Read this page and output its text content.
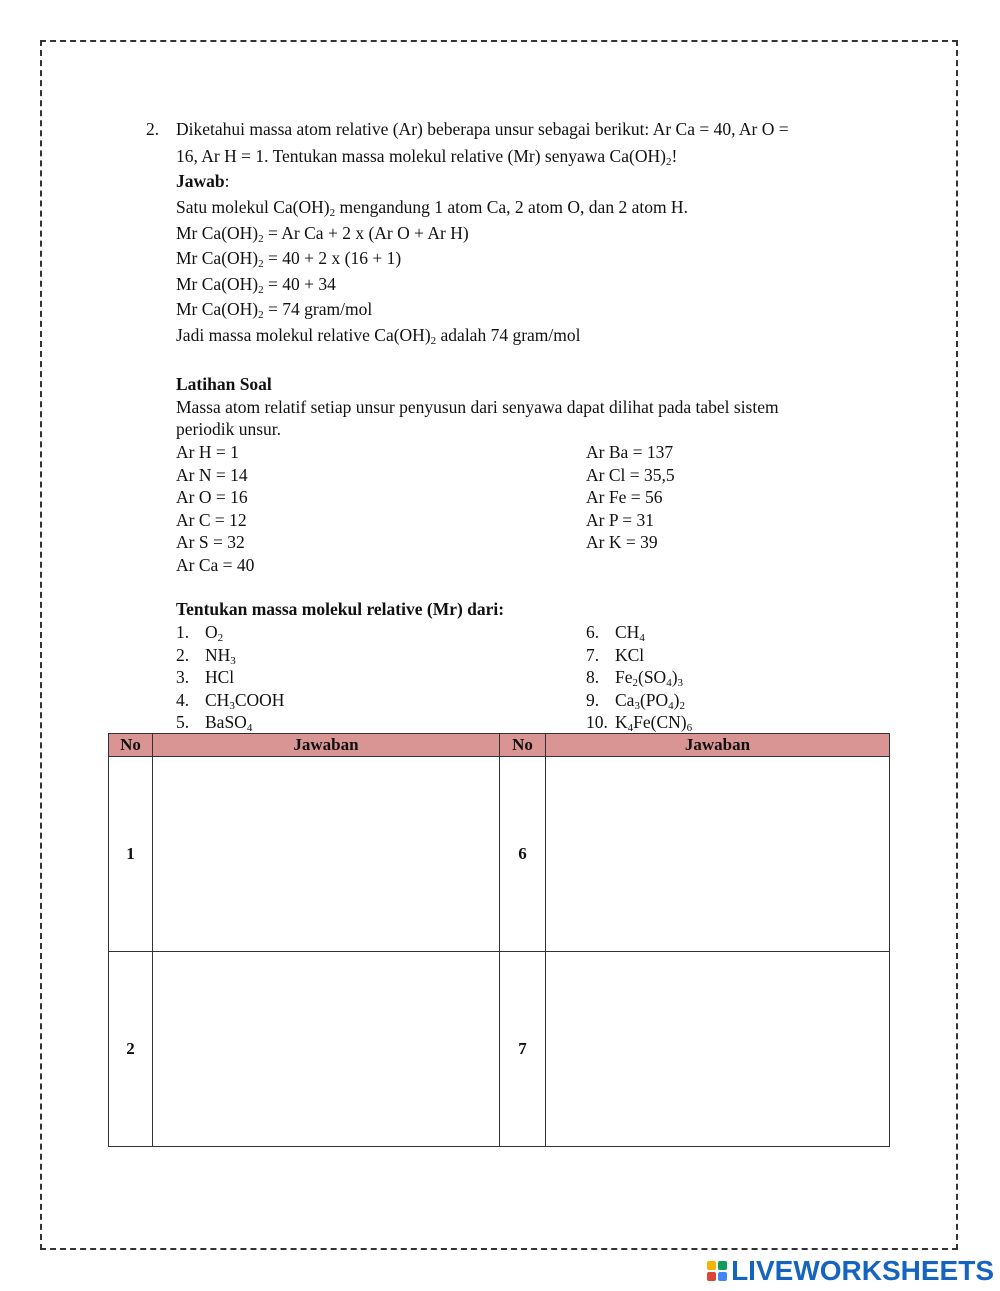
2. Diketahui massa atom relative (Ar) beberapa unsur sebagai berikut: Ar Ca = 40, Ar O =
16, Ar H = 1. Tentukan massa molekul relative (Mr) senyawa $Ca(OH)_2$!
Jawab:
Satu molekul $Ca(OH)_2$ mengandung 1 atom Ca, 2 atom O, dan 2 atom H.
Mr $Ca(OH)_2 = Ar$ Ca + 2 x (Ar O + Ar H)
Mr $Ca(OH)_2 = 40 + 2$ x (16 + 1)
Mr $Ca(OH)_2 = 40 + 34$
Mr $Ca(OH)_2 = 74$ gram/mol
Jadi massa molekul relative $Ca(OH)_2$ adalah 74 gram/mol
Latihan Soal
Massa atom relatif setiap unsur penyusun dari senyawa dapat dilihat pada tabel sistem
periodik unsur.
Ar H = 1
Ar N = 14
Ar O = 16
Ar C = 12
Ar S = 32
Ar Ca = 40
Ar Ba = 137
Ar Cl = 35,5
Ar Fe = 56
Ar P = 31
Ar K = 39
Tentukan massa molekul relative (Mr) dari:
1. $O_2$
2. $NH_3$
3. HCl
4. $CH_3COOH$
5. BaSO$_4$
6. $CH_4$
7. KCl
8. $Fe_2(SO_4)_3$
9. $Ca_3(PO_4)_2$
10. $K_4Fe(CN)_6$
No	Jawaban	No	Jawaban
1		6	
2		7	
LIVEWORKSHEETS
